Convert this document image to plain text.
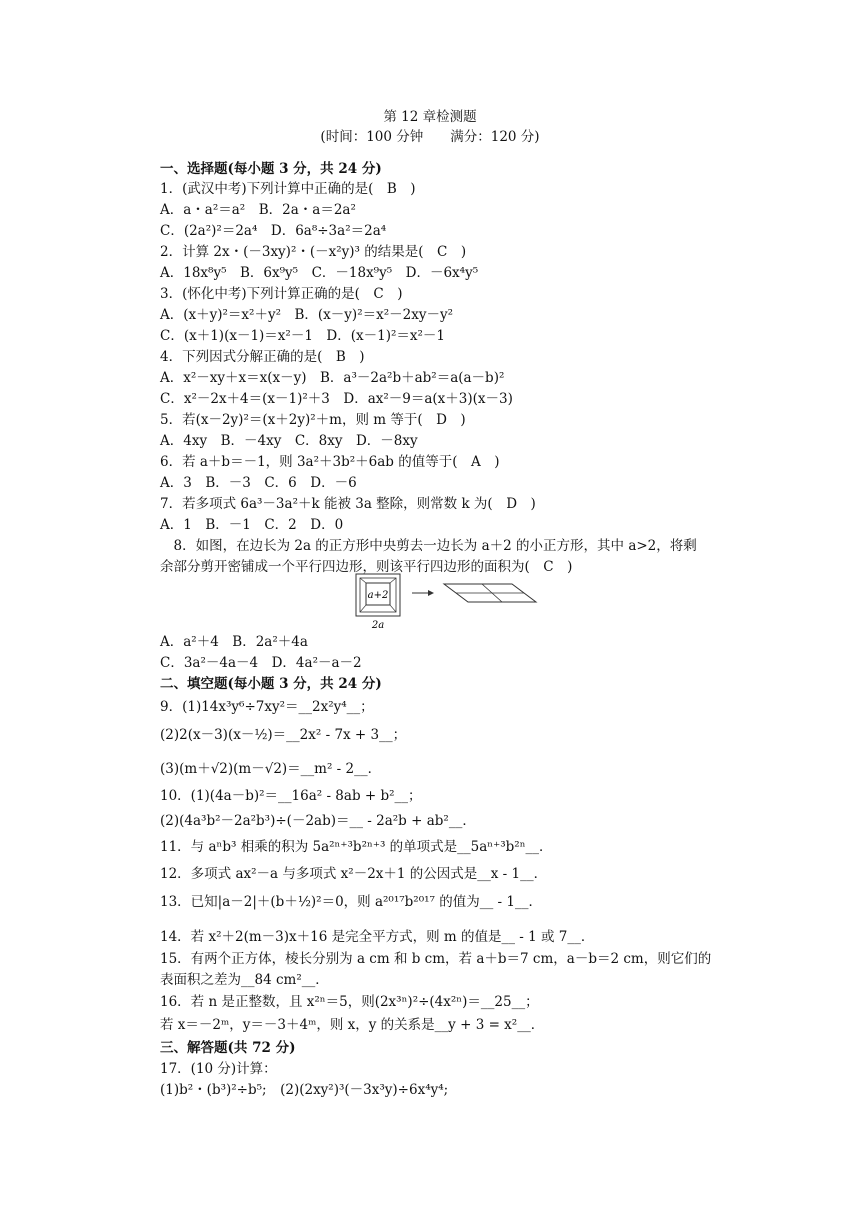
第 12 章检测题
(时间：100 分钟　　满分：120 分)
一、选择题(每小题 3 分，共 24 分)
1．(武汉中考)下列计算中正确的是(　B　)
A．a・a²＝a²　B．2a・a＝2a²
C．(2a²)²＝2a⁴　D．6a⁸÷3a²＝2a⁴
2．计算 2x・(－3xy)²・(－x²y)³ 的结果是(　C　)
A．18x⁸y⁵　B．6x⁹y⁵　C．－18x⁹y⁵　D．－6x⁴y⁵
3．(怀化中考)下列计算正确的是(　C　)
A．(x＋y)²＝x²＋y²　B．(x－y)²＝x²－2xy－y²
C．(x＋1)(x－1)＝x²－1　D．(x－1)²＝x²－1
4．下列因式分解正确的是(　B　)
A．x²－xy＋x＝x(x－y)　B．a³－2a²b＋ab²＝a(a－b)²
C．x²－2x＋4＝(x－1)²＋3　D．ax²－9＝a(x＋3)(x－3)
5．若(x－2y)²＝(x＋2y)²＋m，则 m 等于(　D　)
A．4xy　B．－4xy　C．8xy　D．－8xy
6．若 a＋b＝－1，则 3a²＋3b²＋6ab 的值等于(　A　)
A．3　B．－3　C．6　D．－6
7．若多项式 6a³－3a²＋k 能被 3a 整除，则常数 k 为(　D　)
A．1　B．－1　C．2　D．0
　8．如图，在边长为 2a 的正方形中央剪去一边长为 a＋2 的小正方形，其中 a>2，将剩
余部分剪开密铺成一个平行四边形，则该平行四边形的面积为(　C　)
A．a²＋4　B．2a²＋4a
C．3a²－4a－4　D．4a²－a－2
二、填空题(每小题 3 分，共 24 分)
9．(1)14x³y⁶÷7xy²＝__2x²y⁴__；
(2)2(x－3)(x－½)＝__2x² - 7x + 3__；
(3)(m＋√2)(m－√2)＝__m² - 2__．
10．(1)(4a－b)²＝__16a² - 8ab + b²__；
(2)(4a³b²－2a²b³)÷(－2ab)＝__ - 2a²b + ab²__．
11．与 aⁿb³ 相乘的积为 5a²ⁿ⁺³b²ⁿ⁺³ 的单项式是__5aⁿ⁺³b²ⁿ__．
12．多项式 ax²－a 与多项式 x²－2x＋1 的公因式是__x - 1__．
13．已知|a－2|＋(b＋½)²＝0，则 a²⁰¹⁷b²⁰¹⁷ 的值为__ - 1__．
14．若 x²＋2(m－3)x＋16 是完全平方式，则 m 的值是__ - 1 或 7__．
15．有两个正方体，棱长分别为 a cm 和 b cm，若 a＋b＝7 cm，a－b＝2 cm，则它们的
表面积之差为__84 cm²__．
16．若 n 是正整数，且 x²ⁿ＝5，则(2x³ⁿ)²÷(4x²ⁿ)＝__25__；
若 x＝－2ᵐ，y＝－3＋4ᵐ，则 x，y 的关系是__y + 3 = x²__．
三、解答题(共 72 分)
17．(10 分)计算：
(1)b²・(b³)²÷b⁵;　(2)(2xy²)³(－3x³y)÷6x⁴y⁴;
a+2
2a
